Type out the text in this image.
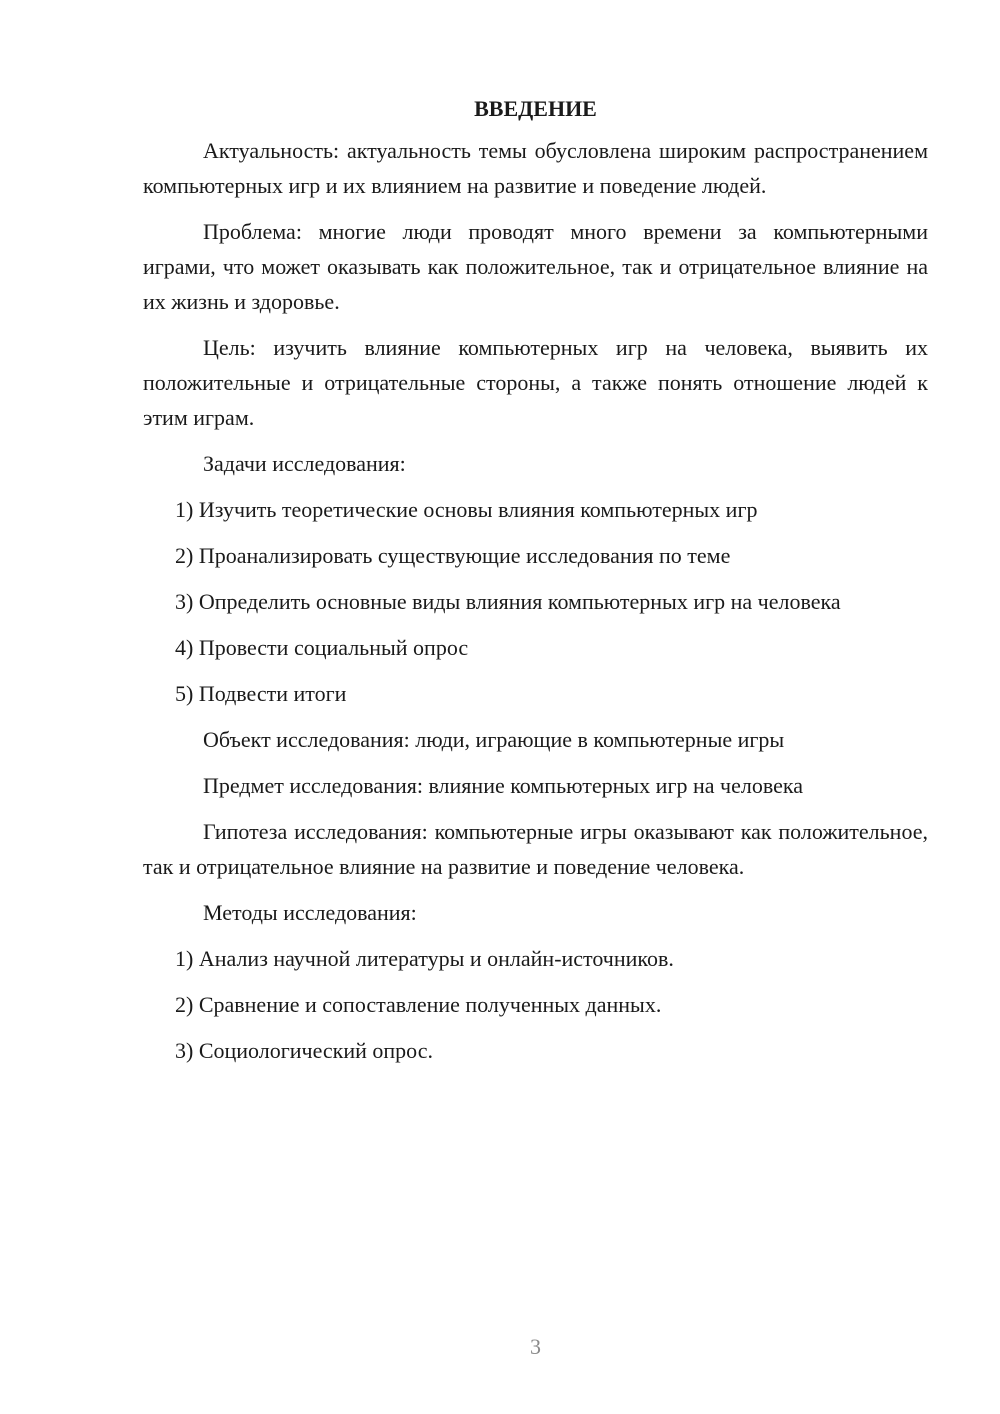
ВВЕДЕНИЕ

Актуальность: актуальность темы обусловлена широким распространением компьютерных игр и их влиянием на развитие и поведение людей.

Проблема: многие люди проводят много времени за компьютерными играми, что может оказывать как положительное, так и отрицательное влияние на их жизнь и здоровье.

Цель: изучить влияние компьютерных игр на человека, выявить их положительные и отрицательные стороны, а также понять отношение людей к этим играм.

Задачи исследования:
1) Изучить теоретические основы влияния компьютерных игр
2) Проанализировать существующие исследования по теме
3) Определить основные виды влияния компьютерных игр на человека
4) Провести социальный опрос
5) Подвести итоги
Объект исследования: люди, играющие в компьютерные игры
Предмет исследования: влияние компьютерных игр на человека

Гипотеза исследования: компьютерные игры оказывают как положительное, так и отрицательное влияние на развитие и поведение человека.

Методы исследования:
1) Анализ научной литературы и онлайн-источников.
2) Сравнение и сопоставление полученных данных.
3) Социологический опрос.
3
